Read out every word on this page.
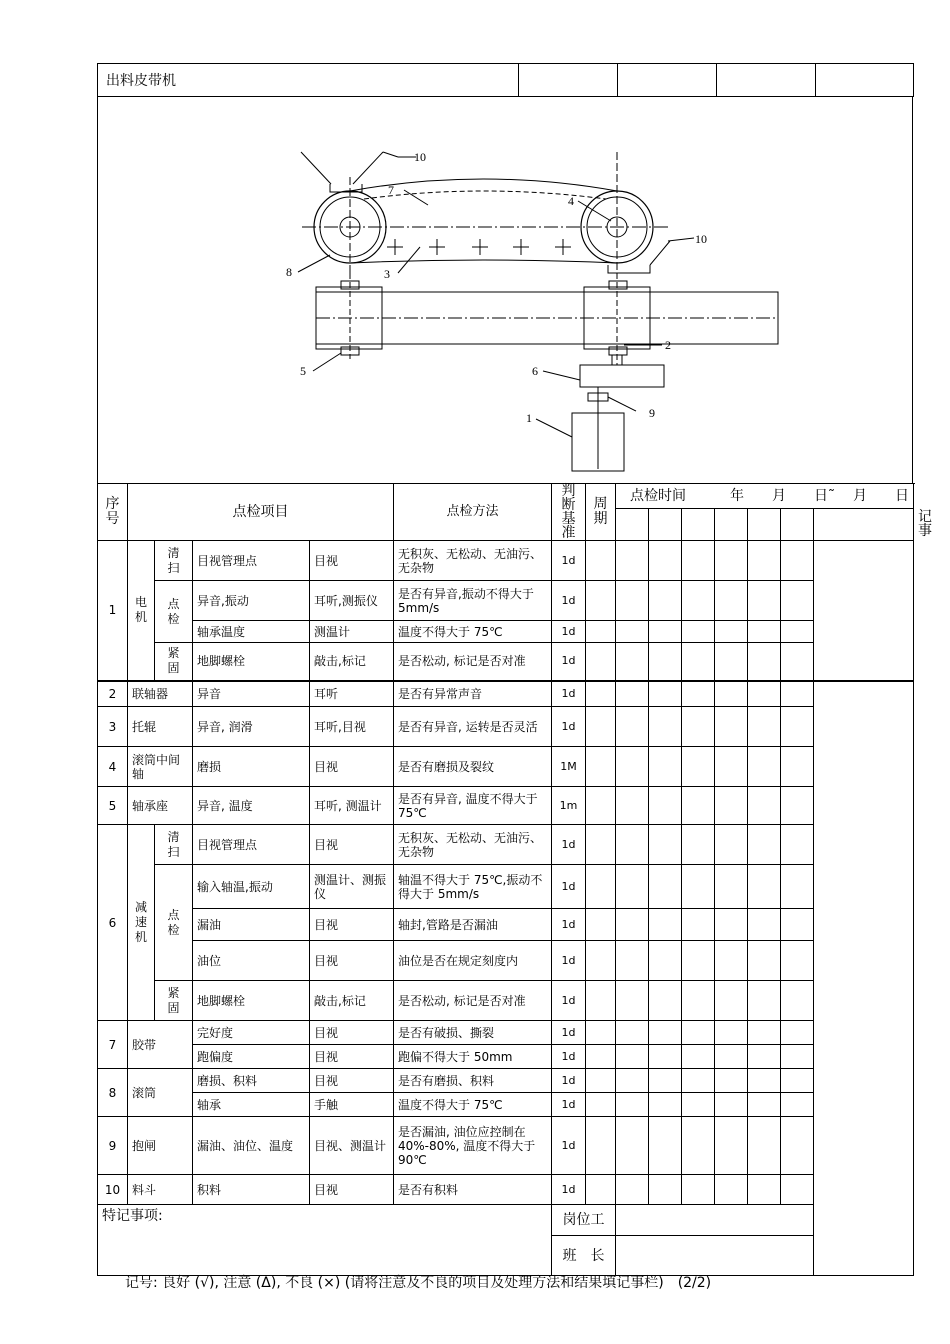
出料皮带机				
10
7
4
10
8	3
2
5	6
9
1
序号	点检项目				点检方法	判断基准	周期	点检时间 年 月 日˜ 月 日							
															记事
1	电机	清扫	目视管理点	目视	无积灰、无松动、无油污、无杂物	1d									
		点检	异音,振动	耳听,测振仪	是否有异音,振动不得大于5mm/s	1d									
			轴承温度	测温计	温度不得大于 75℃	1d									
		紧固	地脚螺栓	敲击,标记	是否松动, 标记是否对准	1d									
2	联轴器		异音	耳听	是否有异常声音	1d									
3	托辊		异音, 润滑	耳听,目视	是否有异音, 运转是否灵活	1d									
4	滚筒中间轴		磨损	目视	是否有磨损及裂纹	1M									
5	轴承座		异音, 温度	耳听, 测温计	是否有异音, 温度不得大于 75℃	1m									
6	减速机	清扫	目视管理点	目视	无积灰、无松动、无油污、无杂物	1d									
		点检	输入轴温,振动	测温计、测振仪	轴温不得大于 75℃,振动不得大于 5mm/s	1d									
			漏油	目视	轴封,管路是否漏油	1d									
			油位	目视	油位是否在规定刻度内	1d									
		紧固	地脚螺栓	敲击,标记	是否松动, 标记是否对准	1d									
7	胶带		完好度	目视	是否有破损、撕裂	1d									
			跑偏度	目视	跑偏不得大于 50mm	1d									
8	滚筒		磨损、积料	目视	是否有磨损、积料	1d									
			轴承	手触	温度不得大于 75℃	1d									
9	抱闸		漏油、油位、温度	目视、测温计	是否漏油, 油位应控制在 40%-80%, 温度不得大于 90℃	1d									
10	料斗		积料	目视	是否有积料	1d									
特记事项:						岗位工									
						班　长									
记号: 良好 (√), 注意 (Δ), 不良 (×) (请将注意及不良的项目及处理方法和结果填记事栏)　(2/2)
